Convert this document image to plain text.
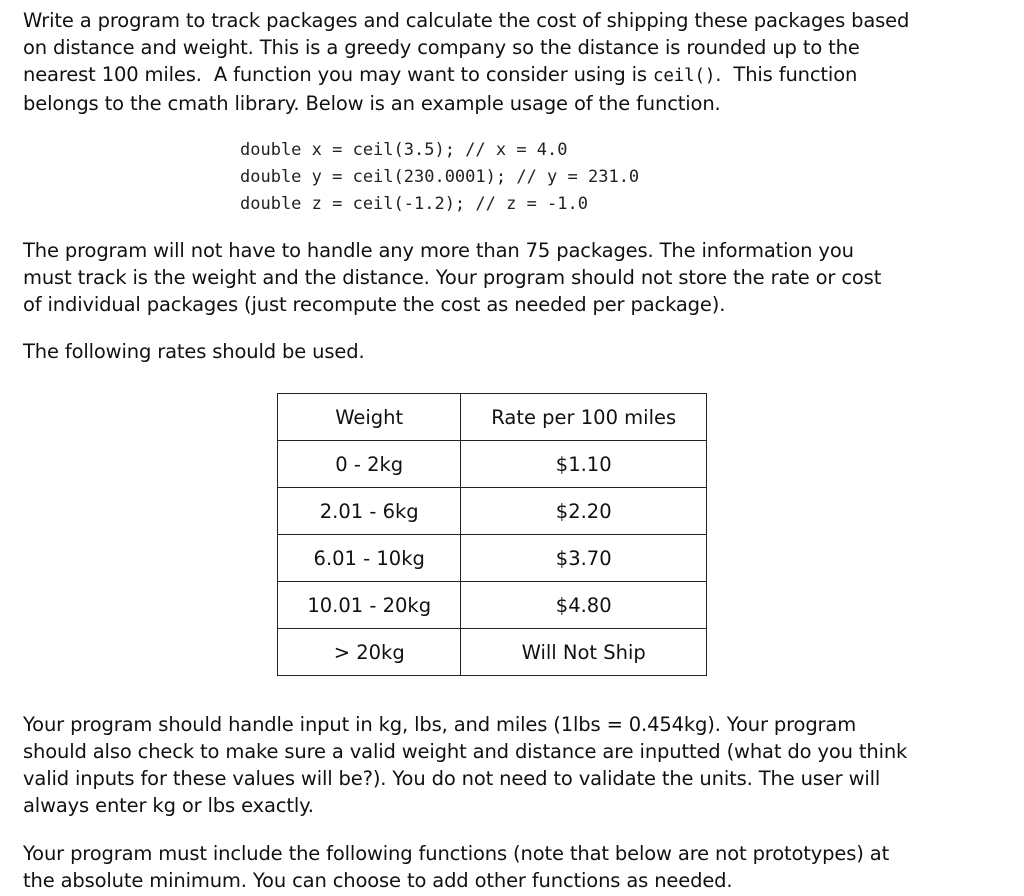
Write a program to track packages and calculate the cost of shipping these packages based
on distance and weight. This is a greedy company so the distance is rounded up to the
nearest 100 miles.  A function you may want to consider using is ceil().  This function
belongs to the cmath library. Below is an example usage of the function.

double x = ceil(3.5); // x = 4.0
double y = ceil(230.0001); // y = 231.0
double z = ceil(-1.2); // z = -1.0

The program will not have to handle any more than 75 packages. The information you
must track is the weight and the distance. Your program should not store the rate or cost
of individual packages (just recompute the cost as needed per package).

The following rates should be used.

Weight	Rate per 100 miles
0 - 2kg	$1.10
2.01 - 6kg	$2.20
6.01 - 10kg	$3.70
10.01 - 20kg	$4.80
> 20kg	Will Not Ship

Your program should handle input in kg, lbs, and miles (1lbs = 0.454kg). Your program
should also check to make sure a valid weight and distance are inputted (what do you think
valid inputs for these values will be?). You do not need to validate the units. The user will
always enter kg or lbs exactly.

Your program must include the following functions (note that below are not prototypes) at
the absolute minimum. You can choose to add other functions as needed.
